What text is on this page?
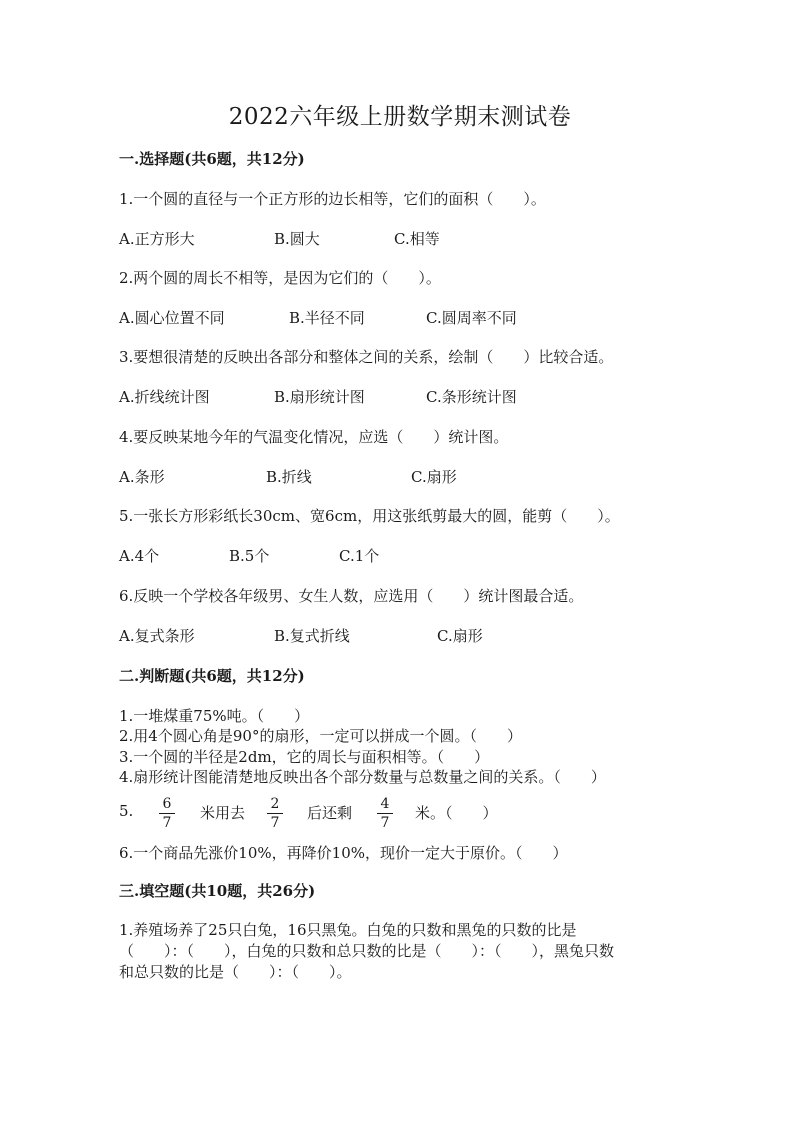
2022六年级上册数学期末测试卷
一.选择题(共6题，共12分)
1.一个圆的直径与一个正方形的边长相等，它们的面积（　　）。
A.正方形大	B.圆大	C.相等
2.两个圆的周长不相等，是因为它们的（　　）。
A.圆心位置不同	B.半径不同	C.圆周率不同
3.要想很清楚的反映出各部分和整体之间的关系，绘制（　　）比较合适。
A.折线统计图	B.扇形统计图	C.条形统计图
4.要反映某地今年的气温变化情况，应选（　　）统计图。
A.条形	B.折线	C.扇形
5.一张长方形彩纸长30cm、宽6cm，用这张纸剪最大的圆，能剪（　　）。
A.4个	B.5个	C.1个
6.反映一个学校各年级男、女生人数，应选用（　　）统计图最合适。
A.复式条形	B.复式折线	C.扇形
二.判断题(共6题，共12分)
1.一堆煤重75%吨。（　　）
2.用4个圆心角是90°的扇形，一定可以拼成一个圆。（　　）
3.一个圆的半径是2dm，它的周长与面积相等。（　　）
4.扇形统计图能清楚地反映出各个部分数量与总数量之间的关系。（　　）
5. 6
7
米用去 2
7
后还剩 4
7
米。（　　）
6.一个商品先涨价10%，再降价10%，现价一定大于原价。（　　）
三.填空题(共10题，共26分)
1.养殖场养了25只白兔，16只黑兔。白兔的只数和黑兔的只数的比是
（　　）：（　　），白兔的只数和总只数的比是（　　）：（　　），黑兔只数
和总只数的比是（　　）：（　　）。
